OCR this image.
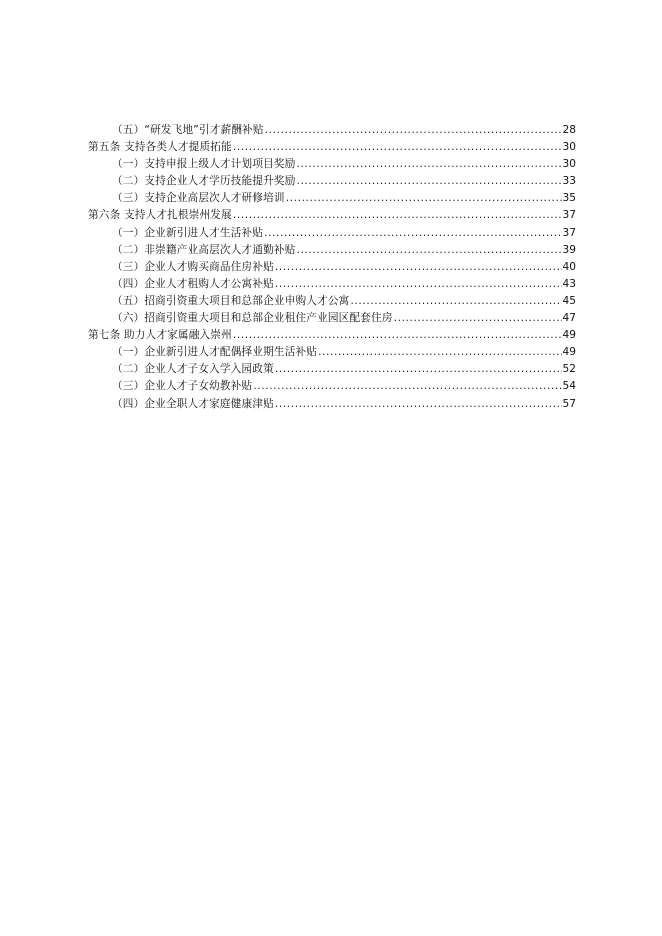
（五）“研发飞地”引才薪酬补贴 .....	28
第五条 支持各类人才提质拓能 .....	30
（一）支持申报上级人才计划项目奖励 .....	30
（二）支持企业人才学历技能提升奖励 .....	33
（三）支持企业高层次人才研修培训 .....	35
第六条 支持人才扎根崇州发展 .....	37
（一）企业新引进人才生活补贴 .....	37
（二）非崇籍产业高层次人才通勤补贴 .....	39
（三）企业人才购买商品住房补贴 .....	40
（四）企业人才租购人才公寓补贴 .....	43
（五）招商引资重大项目和总部企业申购人才公寓 .....	45
（六）招商引资重大项目和总部企业租住产业园区配套住房 .....	47
第七条 助力人才家属融入崇州 .....	49
（一）企业新引进人才配偶择业期生活补贴 .....	49
（二）企业人才子女入学入园政策 .....	52
（三）企业人才子女幼教补贴 .....	54
（四）企业全职人才家庭健康津贴 .....	57
